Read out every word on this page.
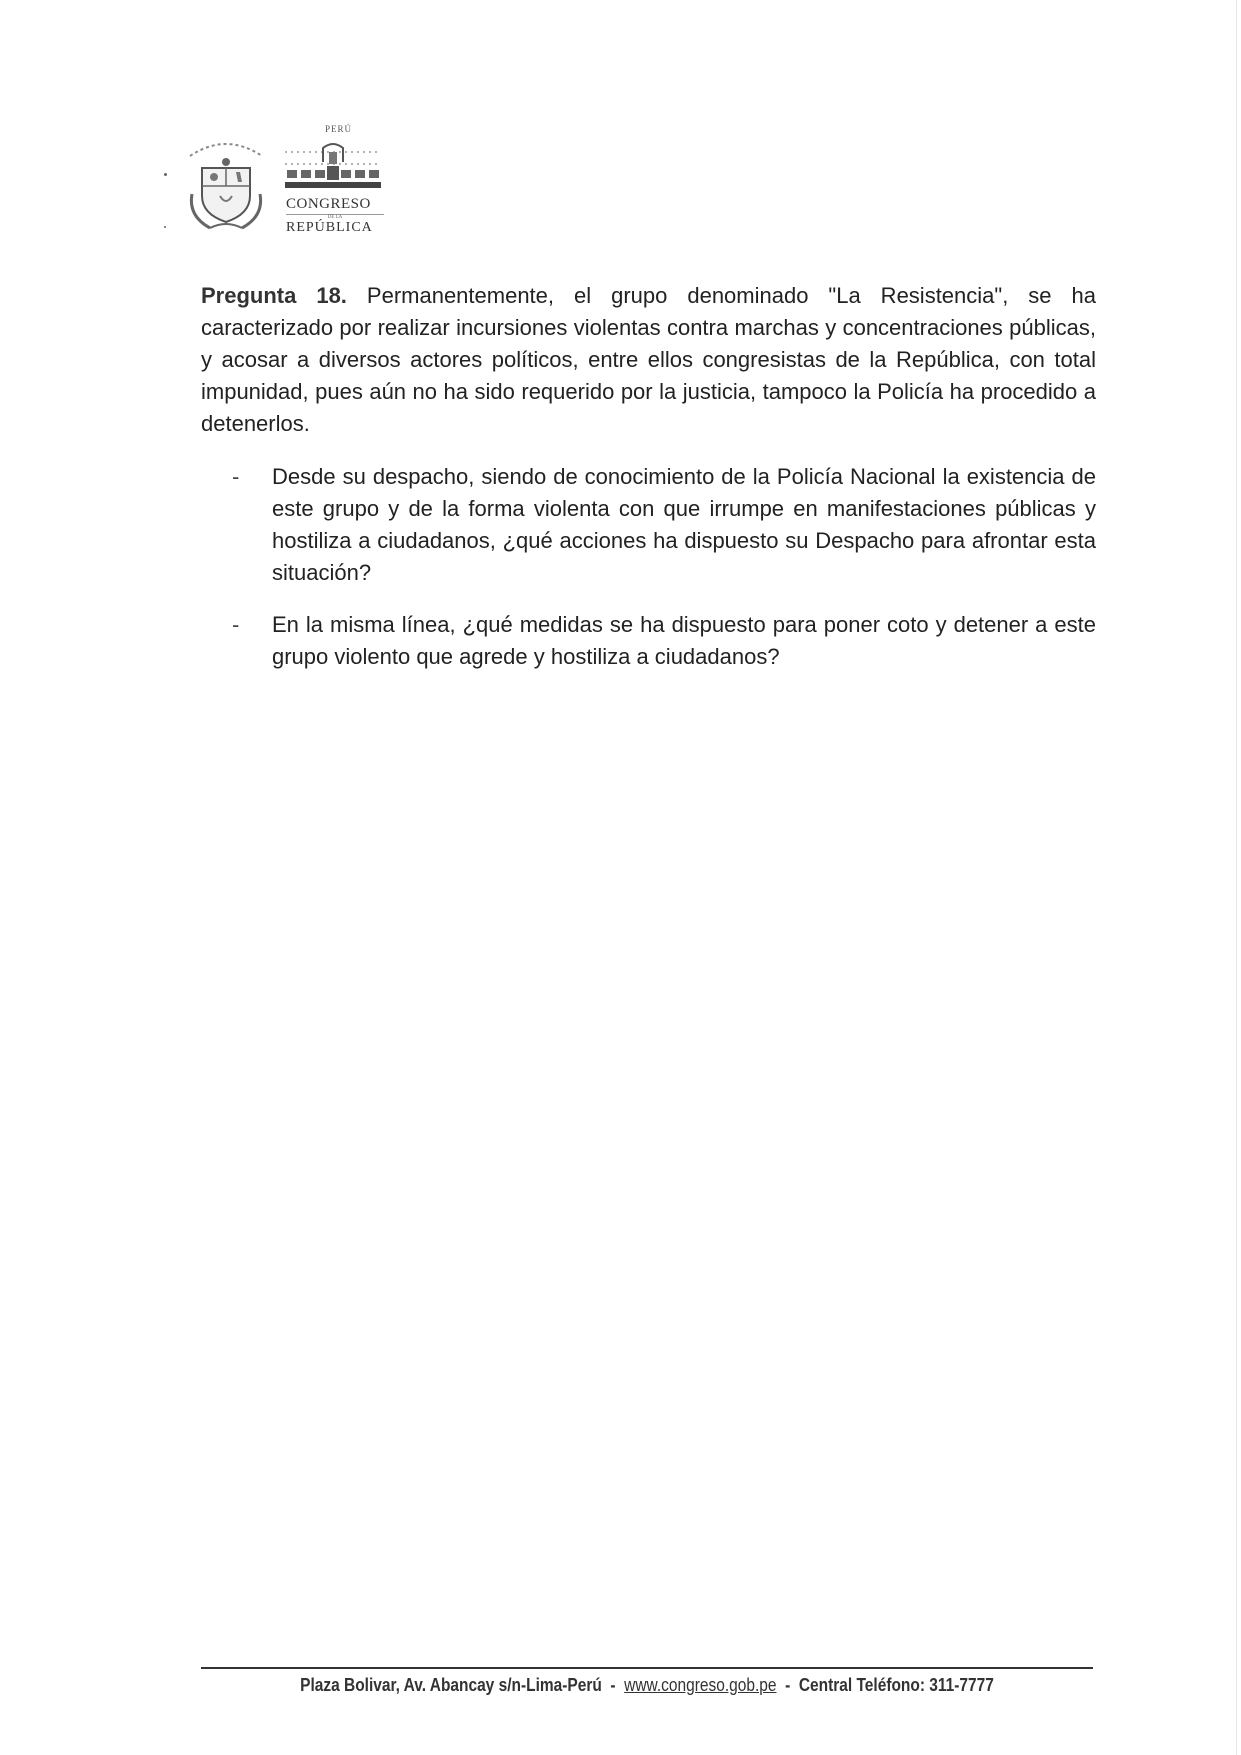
PERÚ
CONGRESO
DE LA
REPÚBLICA

Pregunta 18. Permanentemente, el grupo denominado "La Resistencia", se ha caracterizado por realizar incursiones violentas contra marchas y concentraciones públicas, y acosar a diversos actores políticos, entre ellos congresistas de la República, con total impunidad, pues aún no ha sido requerido por la justicia, tampoco la Policía ha procedido a detenerlos.

- Desde su despacho, siendo de conocimiento de la Policía Nacional la existencia de este grupo y de la forma violenta con que irrumpe en manifestaciones públicas y hostiliza a ciudadanos, ¿qué acciones ha dispuesto su Despacho para afrontar esta situación?
- En la misma línea, ¿qué medidas se ha dispuesto para poner coto y detener a este grupo violento que agrede y hostiliza a ciudadanos?
Plaza Bolivar, Av. Abancay s/n-Lima-Perú - www.congreso.gob.pe - Central Teléfono: 311-7777
